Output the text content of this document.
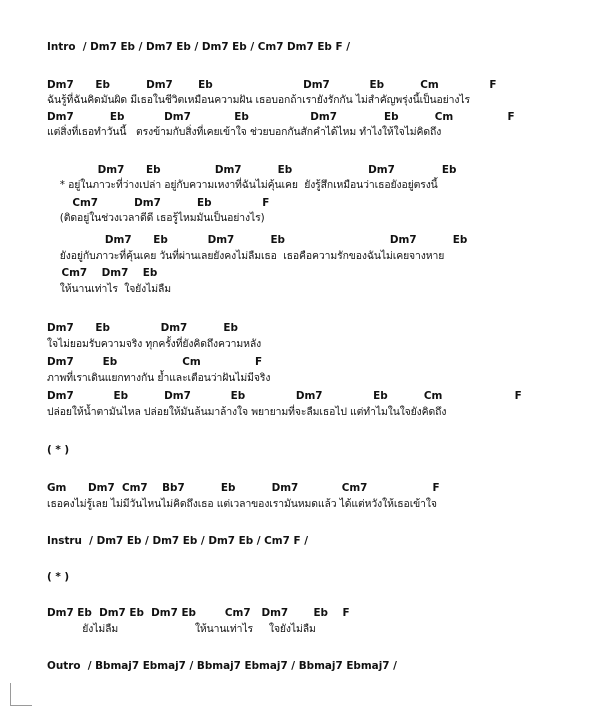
Intro  / Dm7 Eb / Dm7 Eb / Dm7 Eb / Cm7 Dm7 Eb F /

Dm7      Eb          Dm7       Eb                         Dm7           Eb          Cm              F

ฉันรู้ที่ฉันคิดมันผิด มีเธอในชีวิตเหมือนความฝัน เธอบอกถ้าเรายังรักกัน ไม่สำคัญพรุ่งนี้เป็นอย่างไร

Dm7          Eb           Dm7            Eb                 Dm7             Eb          Cm               F

แต่สิ่งที่เธอทำวันนี้   ตรงข้ามกับสิ่งที่เคยเข้าใจ ช่วยบอกกันสักคำได้ไหม ทำไงให้ใจไม่คิดถึง

Dm7      Eb               Dm7          Eb                     Dm7             Eb

* อยู่ในภาวะที่ว่างเปล่า อยู่กับความเหงาที่ฉันไม่คุ้นเคย  ยังรู้สึกเหมือนว่าเธอยังอยู่ตรงนี้

Cm7          Dm7          Eb              F

(ติดอยู่ในช่วงเวลาดีดี เธอรู้ไหมมันเป็นอย่างไร)

Dm7      Eb           Dm7          Eb                             Dm7          Eb

ยังอยู่กับภาวะที่คุ้นเคย วันที่ผ่านเลยยังคงไม่ลืมเธอ  เธอคือความรักของฉันไม่เคยจางหาย

Cm7    Dm7    Eb

ให้นานเท่าไร  ใจยังไม่ลืม

Dm7      Eb              Dm7          Eb

ใจไม่ยอมรับความจริง ทุกครั้งที่ยังคิดถึงความหลัง

Dm7        Eb                  Cm               F

ภาพที่เราเดินแยกทางกัน ย้ำและเตือนว่าฝันไม่มีจริง

Dm7           Eb          Dm7           Eb              Dm7              Eb          Cm                    F

ปล่อยให้น้ำตามันไหล ปล่อยให้มันล้นมาล้างใจ พยายามที่จะลืมเธอไป แต่ทำไมในใจยังคิดถึง

( * )

Gm      Dm7  Cm7    Bb7          Eb          Dm7            Cm7                  F

เธอคงไม่รู้เลย ไม่มีวันไหนไม่คิดถึงเธอ แต่เวลาของเรามันหมดแล้ว ได้แต่หวังให้เธอเข้าใจ

Instru  / Dm7 Eb / Dm7 Eb / Dm7 Eb / Cm7 F /

( * )

Dm7 Eb  Dm7 Eb  Dm7 Eb        Cm7   Dm7       Eb    F

ยังไม่ลืม                        ให้นานเท่าไร     ใจยังไม่ลืม

Outro  / Bbmaj7 Ebmaj7 / Bbmaj7 Ebmaj7 / Bbmaj7 Ebmaj7 /
